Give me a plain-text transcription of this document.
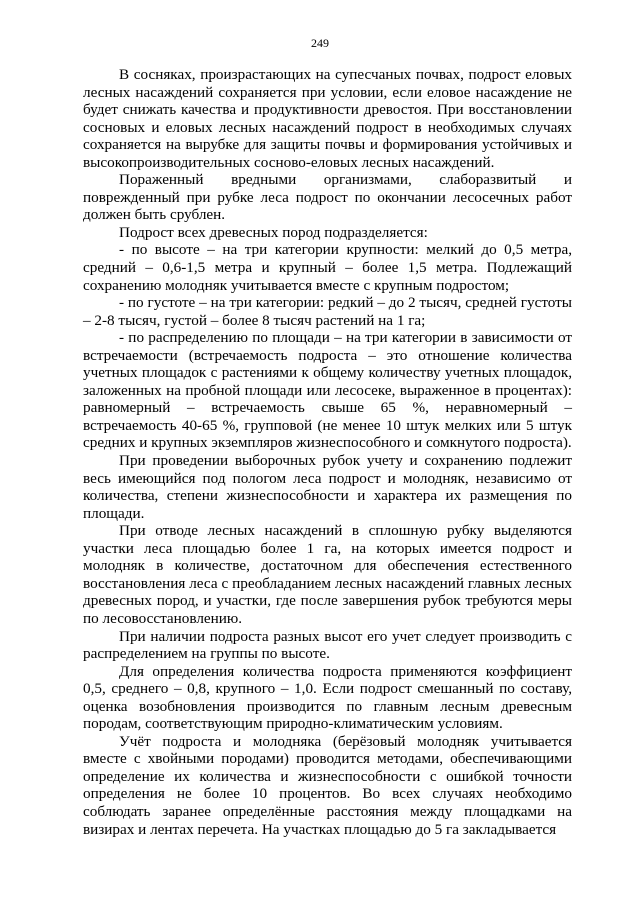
249

В сосняках, произрастающих на супесчаных почвах, подрост еловых лесных насаждений сохраняется при условии, если еловое насаждение не будет снижать качества и продуктивности древостоя. При восстановлении сосновых и еловых лесных насаждений подрост в необходимых случаях сохраняется на вырубке для защиты почвы и формирования устойчивых и высокопроизводительных сосново-еловых лесных насаждений.

Пораженный вредными организмами, слаборазвитый и поврежденный при рубке леса подрост по окончании лесосечных работ должен быть срублен.

Подрост всех древесных пород подразделяется:

- по высоте – на три категории крупности: мелкий до 0,5 метра, средний – 0,6-1,5 метра и крупный – более 1,5 метра. Подлежащий сохранению молодняк учитывается вместе с крупным подростом;

- по густоте – на три категории: редкий – до 2 тысяч, средней густоты – 2-8 тысяч, густой – более 8 тысяч растений на 1 га;

- по распределению по площади – на три категории в зависимости от встречаемости (встречаемость подроста – это отношение количества учетных площадок с растениями к общему количеству учетных площадок, заложенных на пробной площади или лесосеке, выраженное в процентах): равномерный – встречаемость свыше 65 %, неравномерный – встречаемость 40-65 %, групповой (не менее 10 штук мелких или 5 штук средних и крупных экземпляров жизнеспособного и сомкнутого подроста).

При проведении выборочных рубок учету и сохранению подлежит весь имеющийся под пологом леса подрост и молодняк, независимо от количества, степени жизнеспособности и характера их размещения по площади.

При отводе лесных насаждений в сплошную рубку выделяются участки леса площадью более 1 га, на которых имеется подрост и молодняк в количестве, достаточном для обеспечения естественного восстановления леса с преобладанием лесных насаждений главных лесных древесных пород, и участки, где после завершения рубок требуются меры по лесовосстановлению.

При наличии подроста разных высот его учет следует производить с распределением на группы по высоте.

Для определения количества подроста применяются коэффициент 0,5, среднего – 0,8, крупного – 1,0. Если подрост смешанный по составу, оценка возобновления производится по главным лесным древесным породам, соответствующим природно-климатическим условиям.

Учёт подроста и молодняка (берёзовый молодняк учитывается вместе с хвойными породами) проводится методами, обеспечивающими определение их количества и жизнеспособности с ошибкой точности определения не более 10 процентов. Во всех случаях необходимо соблюдать заранее определённые расстояния между площадками на визирах и лентах перечета. На участках площадью до 5 га закладывается
